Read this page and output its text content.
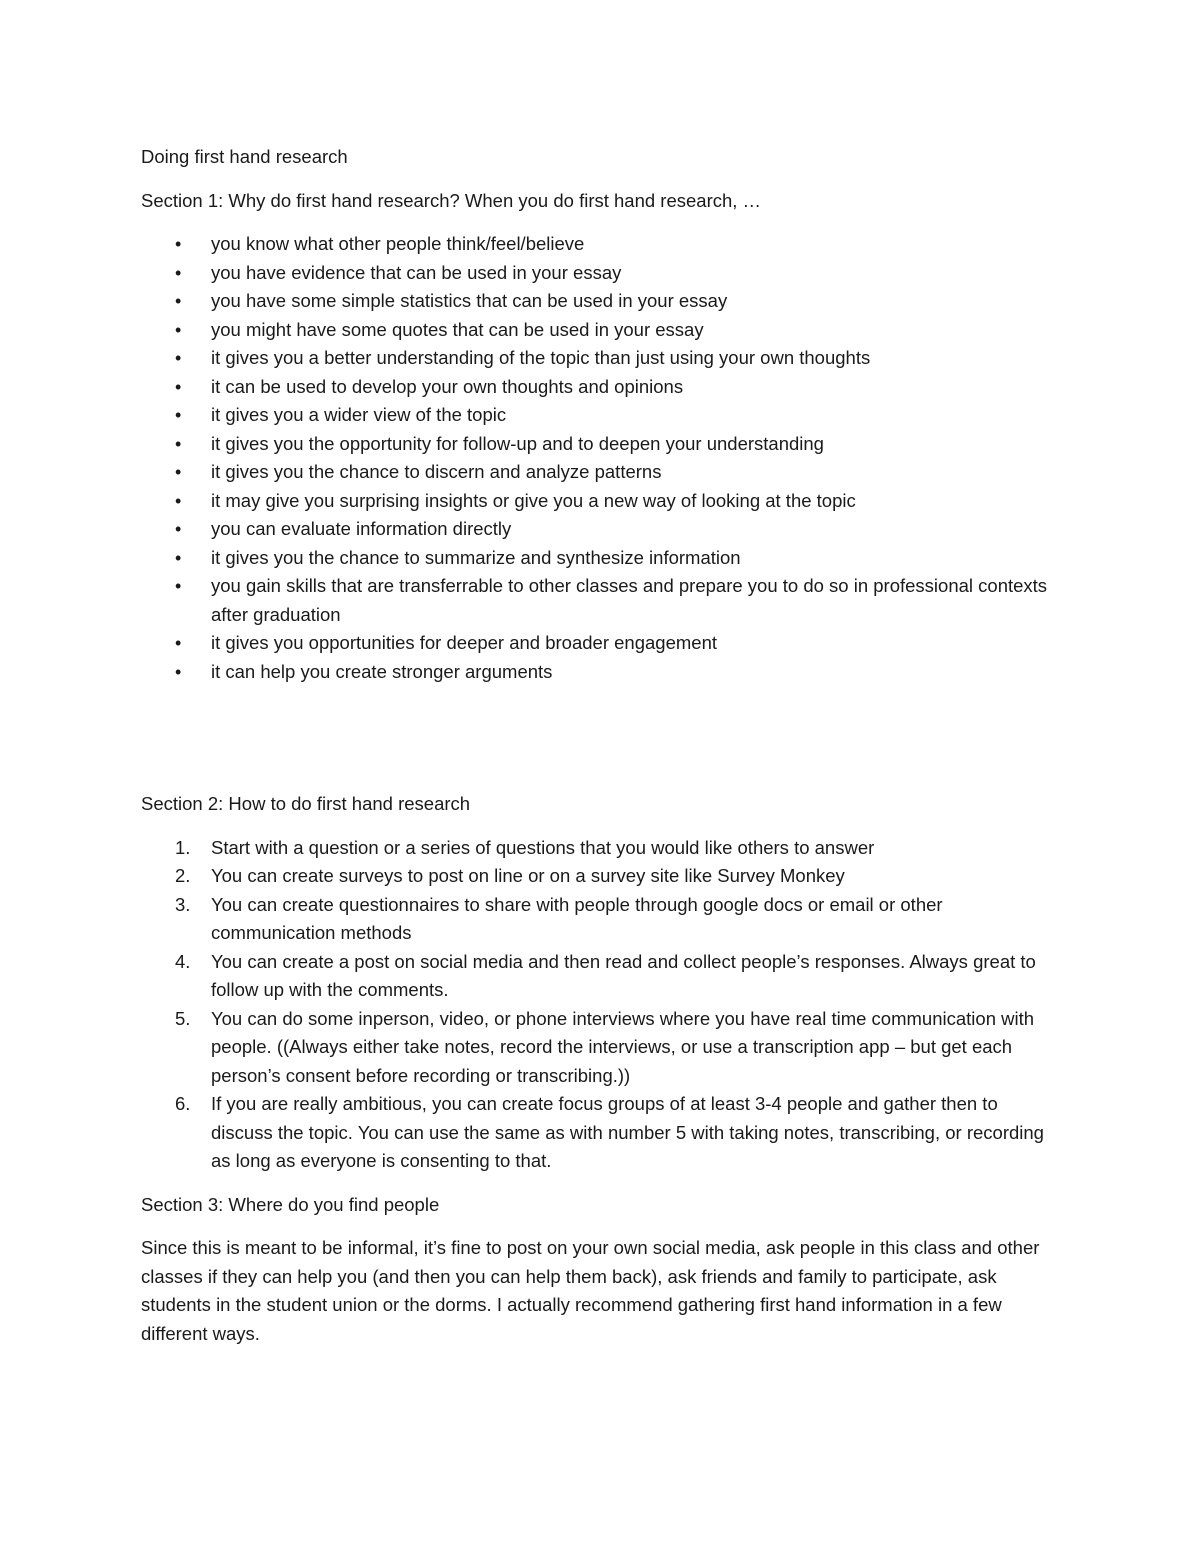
Doing first hand research

Section 1: Why do first hand research? When you do first hand research, …

• you know what other people think/feel/believe
• you have evidence that can be used in your essay
• you have some simple statistics that can be used in your essay
• you might have some quotes that can be used in your essay
• it gives you a better understanding of the topic than just using your own thoughts
• it can be used to develop your own thoughts and opinions
• it gives you a wider view of the topic
• it gives you the opportunity for follow-up and to deepen your understanding
• it gives you the chance to discern and analyze patterns
• it may give you surprising insights or give you a new way of looking at the topic
• you can evaluate information directly
• it gives you the chance to summarize and synthesize information
• you gain skills that are transferrable to other classes and prepare you to do so in professional contexts after graduation
• it gives you opportunities for deeper and broader engagement
• it can help you create stronger arguments

Section 2: How to do first hand research

1. Start with a question or a series of questions that you would like others to answer
2. You can create surveys to post on line or on a survey site like Survey Monkey
3. You can create questionnaires to share with people through google docs or email or other communication methods
4. You can create a post on social media and then read and collect people’s responses. Always great to follow up with the comments.
5. You can do some inperson, video, or phone interviews where you have real time communication with people. ((Always either take notes, record the interviews, or use a transcription app – but get each person’s consent before recording or transcribing.))
6. If you are really ambitious, you can create focus groups of at least 3-4 people and gather then to discuss the topic. You can use the same as with number 5 with taking notes, transcribing, or recording as long as everyone is consenting to that.

Section 3: Where do you find people

Since this is meant to be informal, it’s fine to post on your own social media, ask people in this class and other classes if they can help you (and then you can help them back), ask friends and family to participate, ask students in the student union or the dorms. I actually recommend gathering first hand information in a few different ways.
